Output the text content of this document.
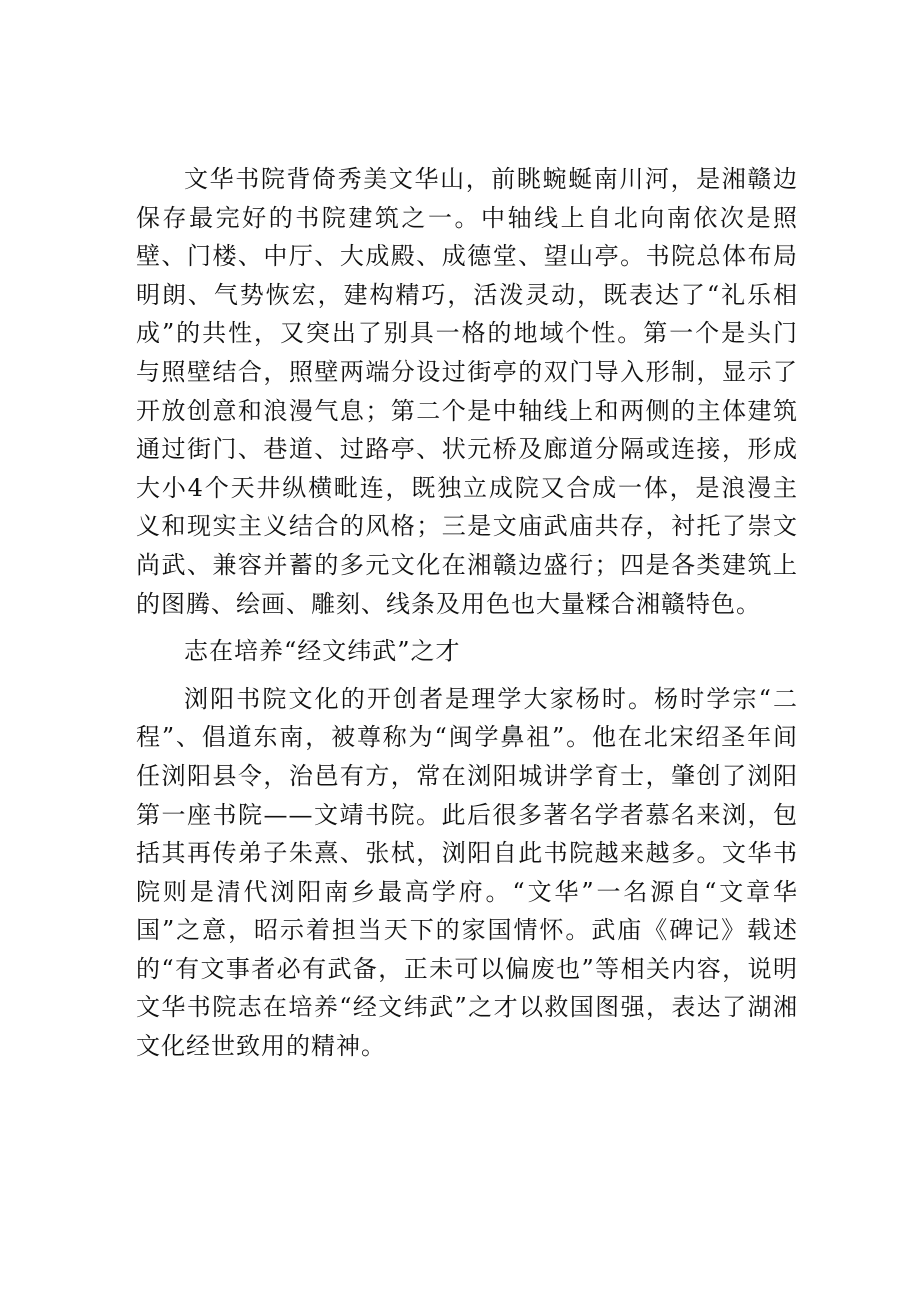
文华书院背倚秀美文华山，前眺蜿蜒南川河，是湘赣边保存最完好的书院建筑之一。中轴线上自北向南依次是照壁、门楼、中厅、大成殿、成德堂、望山亭。书院总体布局明朗、气势恢宏，建构精巧，活泼灵动，既表达了“礼乐相成”的共性，又突出了别具一格的地域个性。第一个是头门与照壁结合，照壁两端分设过街亭的双门导入形制，显示了开放创意和浪漫气息；第二个是中轴线上和两侧的主体建筑通过街门、巷道、过路亭、状元桥及廊道分隔或连接，形成大小4个天井纵横毗连，既独立成院又合成一体，是浪漫主义和现实主义结合的风格；三是文庙武庙共存，衬托了崇文尚武、兼容并蓄的多元文化在湘赣边盛行；四是各类建筑上的图腾、绘画、雕刻、线条及用色也大量糅合湘赣特色。

志在培养“经文纬武”之才

浏阳书院文化的开创者是理学大家杨时。杨时学宗“二程”、倡道东南，被尊称为“闽学鼻祖”。他在北宋绍圣年间任浏阳县令，治邑有方，常在浏阳城讲学育士，肇创了浏阳第一座书院——文靖书院。此后很多著名学者慕名来浏，包括其再传弟子朱熹、张栻，浏阳自此书院越来越多。文华书院则是清代浏阳南乡最高学府。“文华”一名源自“文章华国”之意，昭示着担当天下的家国情怀。武庙《碑记》载述的“有文事者必有武备，正未可以偏废也”等相关内容，说明文华书院志在培养“经文纬武”之才以救国图强，表达了湖湘文化经世致用的精神。
